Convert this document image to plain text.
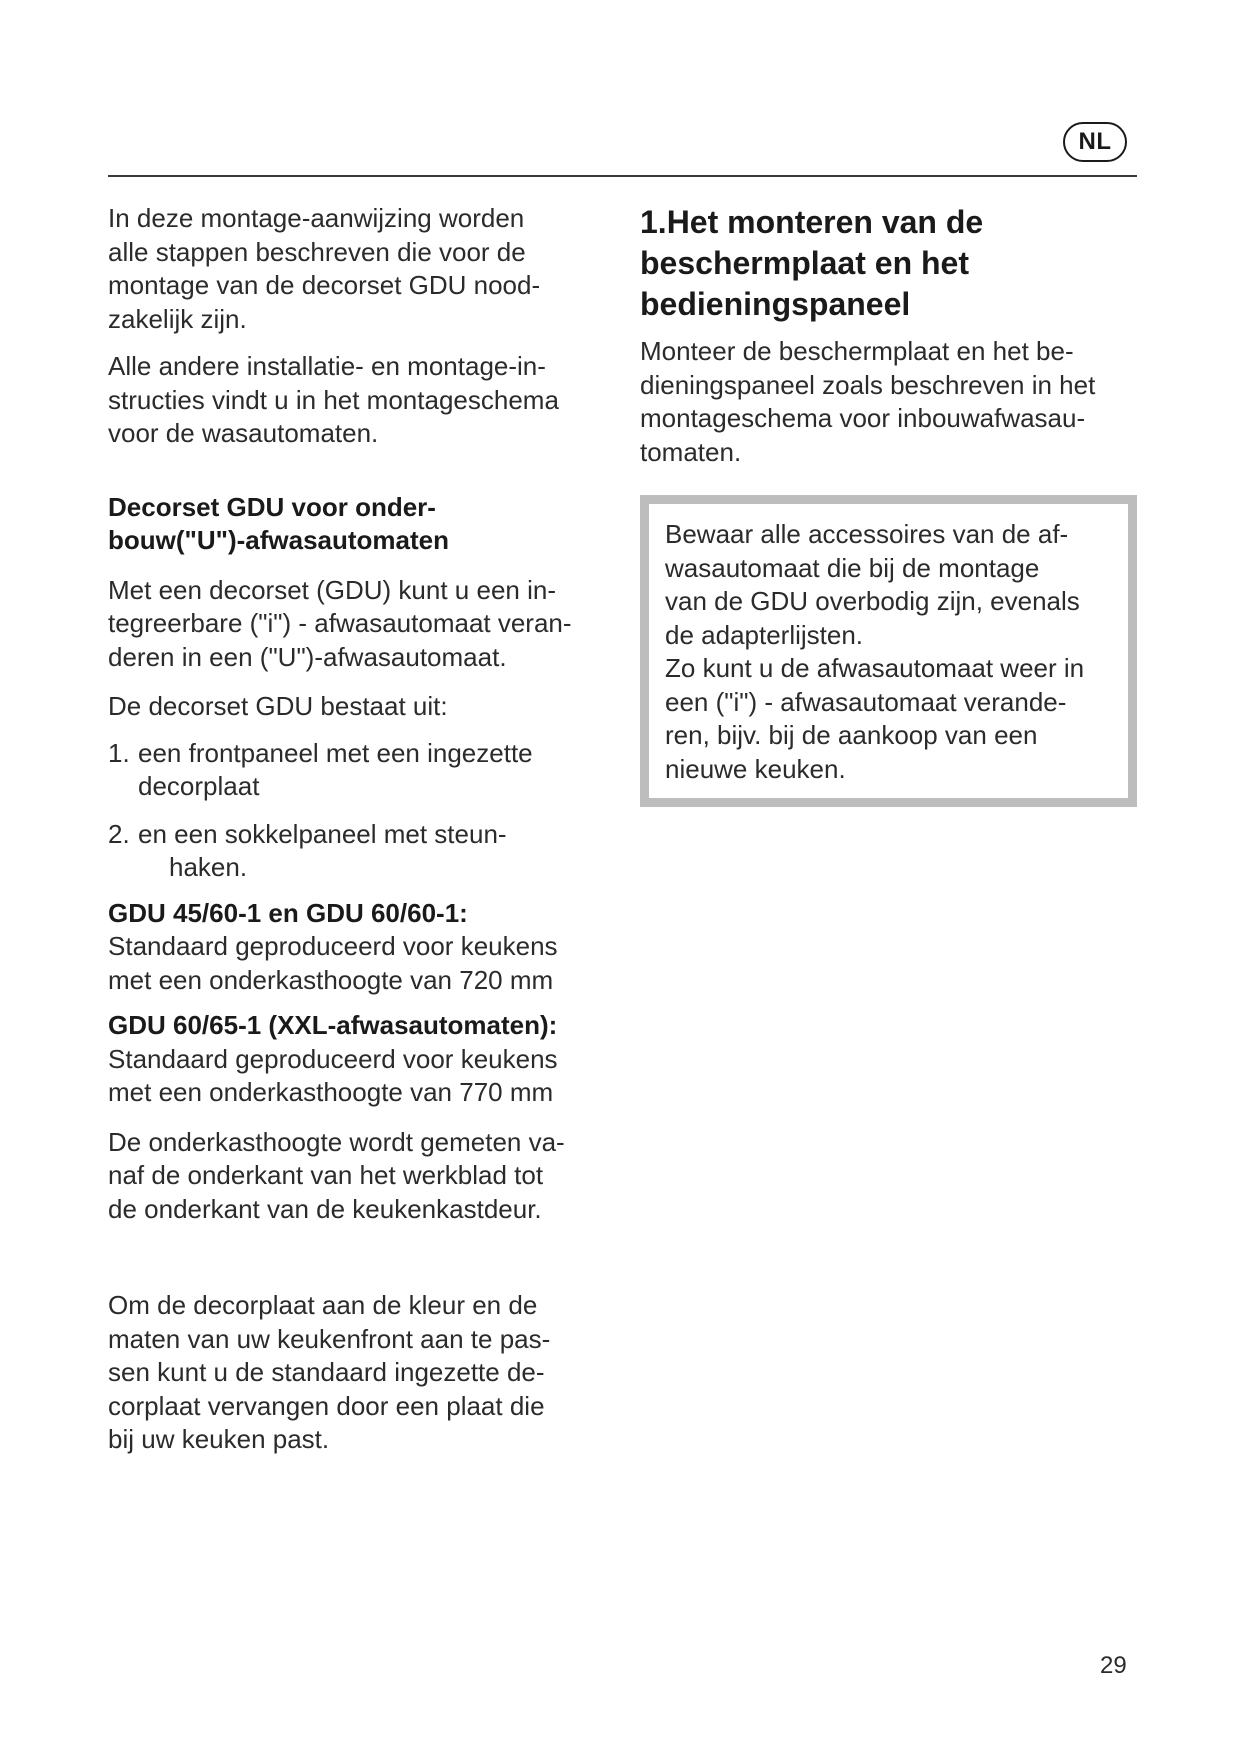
NL

In deze montage-aanwijzing worden
alle stappen beschreven die voor de
montage van de decorset GDU nood-
zakelijk zijn.

Alle andere installatie- en montage-in-
structies vindt u in het montageschema
voor de wasautomaten.

Decorset GDU voor onder-
bouw("U")-afwasautomaten

Met een decorset (GDU) kunt u een in-
tegreerbare ("i") - afwasautomaat veran-
deren in een ("U")-afwasautomaat.

De decorset GDU bestaat uit:

1. een frontpaneel met een ingezette
decorplaat
2. en een sokkelpaneel met steun-
haken.

GDU 45/60-1 en GDU 60/60-1:
Standaard geproduceerd voor keukens
met een onderkasthoogte van 720 mm

GDU 60/65-1 (XXL-afwasautomaten):
Standaard geproduceerd voor keukens
met een onderkasthoogte van 770 mm

De onderkasthoogte wordt gemeten va-
naf de onderkant van het werkblad tot
de onderkant van de keukenkastdeur.

Om de decorplaat aan de kleur en de
maten van uw keukenfront aan te pas-
sen kunt u de standaard ingezette de-
corplaat vervangen door een plaat die
bij uw keuken past.

1.Het monteren van de
beschermplaat en het
bedieningspaneel

Monteer de beschermplaat en het be-
dieningspaneel zoals beschreven in het
montageschema voor inbouwafwasau-
tomaten.

Bewaar alle accessoires van de af-
wasautomaat die bij de montage
van de GDU overbodig zijn, evenals
de adapterlijsten.
Zo kunt u de afwasautomaat weer in
een ("i") - afwasautomaat verande-
ren, bijv. bij de aankoop van een
nieuwe keuken.

29
